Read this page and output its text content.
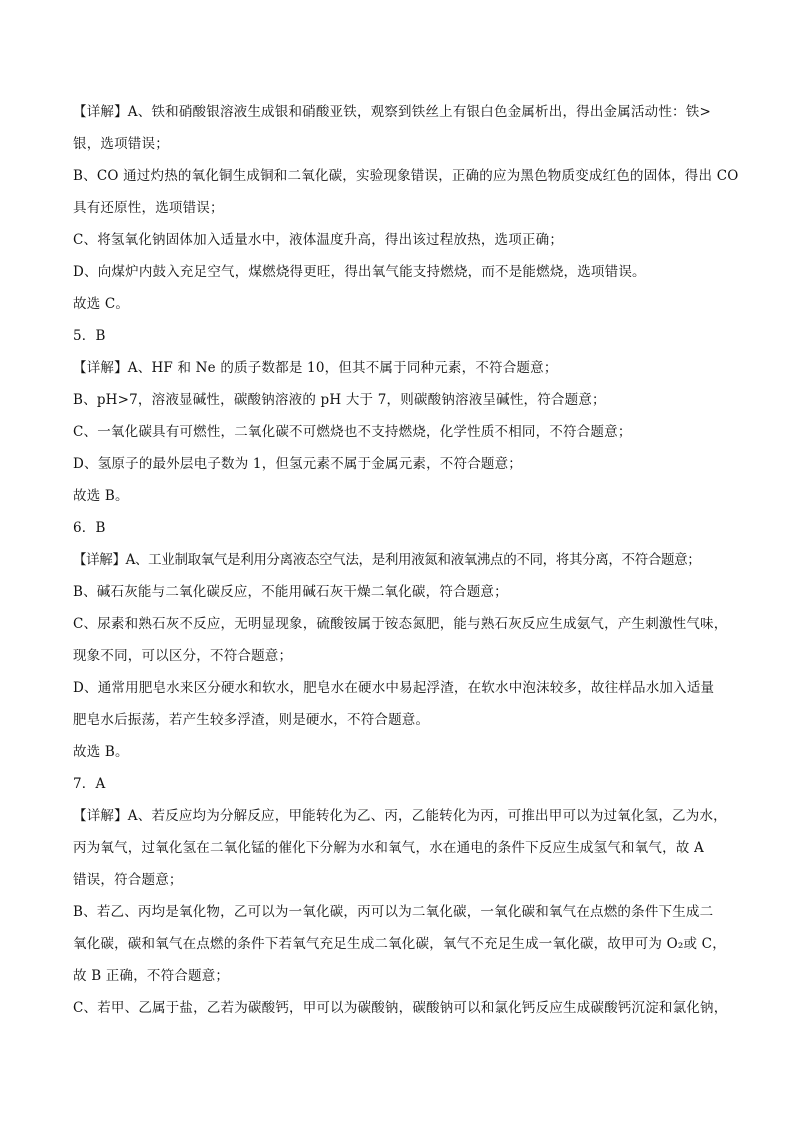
【详解】A、铁和硝酸银溶液生成银和硝酸亚铁，观察到铁丝上有银白色金属析出，得出金属活动性：铁>
银，选项错误；
B、CO 通过灼热的氧化铜生成铜和二氧化碳，实验现象错误，正确的应为黑色物质变成红色的固体，得出 CO
具有还原性，选项错误；
C、将氢氧化钠固体加入适量水中，液体温度升高，得出该过程放热，选项正确；
D、向煤炉内鼓入充足空气，煤燃烧得更旺，得出氧气能支持燃烧，而不是能燃烧，选项错误。
故选 C。
5．B
【详解】A、HF 和 Ne 的质子数都是 10，但其不属于同种元素，不符合题意；
B、pH>7，溶液显碱性，碳酸钠溶液的 pH 大于 7，则碳酸钠溶液呈碱性，符合题意；
C、一氧化碳具有可燃性，二氧化碳不可燃烧也不支持燃烧，化学性质不相同，不符合题意；
D、氢原子的最外层电子数为 1，但氢元素不属于金属元素，不符合题意；
故选 B。
6．B
【详解】A、工业制取氧气是利用分离液态空气法，是利用液氮和液氧沸点的不同，将其分离，不符合题意；
B、碱石灰能与二氧化碳反应，不能用碱石灰干燥二氧化碳，符合题意；
C、尿素和熟石灰不反应，无明显现象，硫酸铵属于铵态氮肥，能与熟石灰反应生成氨气，产生刺激性气味，
现象不同，可以区分，不符合题意；
D、通常用肥皂水来区分硬水和软水，肥皂水在硬水中易起浮渣，在软水中泡沫较多，故往样品水加入适量
肥皂水后振荡，若产生较多浮渣，则是硬水，不符合题意。
故选 B。
7．A
【详解】A、若反应均为分解反应，甲能转化为乙、丙，乙能转化为丙，可推出甲可以为过氧化氢，乙为水，
丙为氧气，过氧化氢在二氧化锰的催化下分解为水和氧气，水在通电的条件下反应生成氢气和氧气，故 A
错误，符合题意；
B、若乙、丙均是氧化物，乙可以为一氧化碳，丙可以为二氧化碳，一氧化碳和氧气在点燃的条件下生成二
氧化碳，碳和氧气在点燃的条件下若氧气充足生成二氧化碳，氧气不充足生成一氧化碳，故甲可为 O₂或 C，
故 B 正确，不符合题意；
C、若甲、乙属于盐，乙若为碳酸钙，甲可以为碳酸钠，碳酸钠可以和氯化钙反应生成碳酸钙沉淀和氯化钠，
